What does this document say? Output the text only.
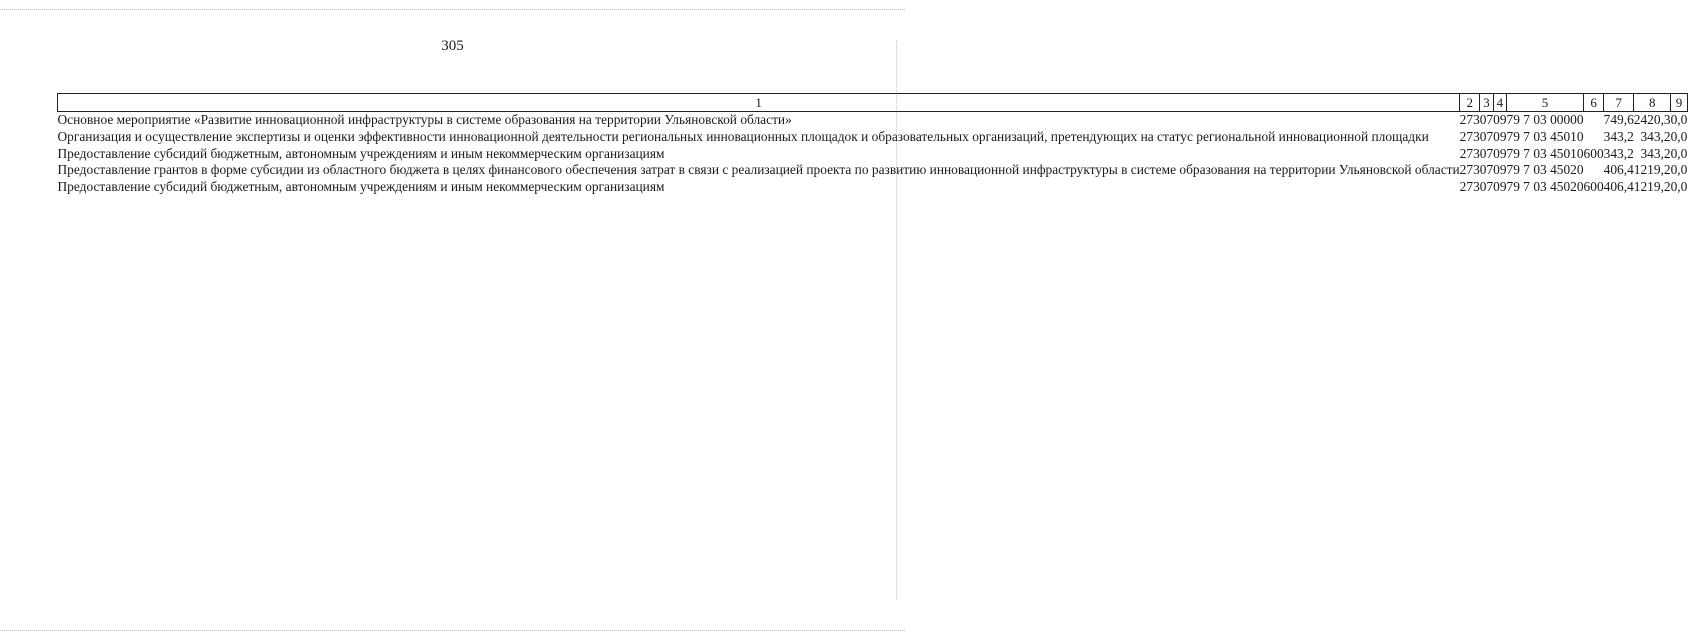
305
1	2	3	4	5	6	7	8	9
Основное мероприятие «Развитие инновационной инфраструктуры в системе образования на территории Ульяновской области»	273	07	09	79 7 03 00000		749,6	2420,3	0,0
Организация и осуществление экспертизы и оценки эффективности инновационной деятельности региональных инновационных площадок и образовательных организаций, претендующих на статус региональной инновационной площадки	273	07	09	79 7 03 45010		343,2	343,2	0,0
Предоставление субсидий бюджетным, автономным учреждениям и иным некоммерческим организациям	273	07	09	79 7 03 45010	600	343,2	343,2	0,0
Предоставление грантов в форме субсидии из областного бюджета в целях финансового обеспечения затрат в связи с реализацией проекта по развитию инновационной инфраструктуры в системе образования на территории Ульяновской области	273	07	09	79 7 03 45020		406,4	1219,2	0,0
Предоставление субсидий бюджетным, автономным учреждениям и иным некоммерческим организациям	273	07	09	79 7 03 45020	600	406,4	1219,2	0,0
